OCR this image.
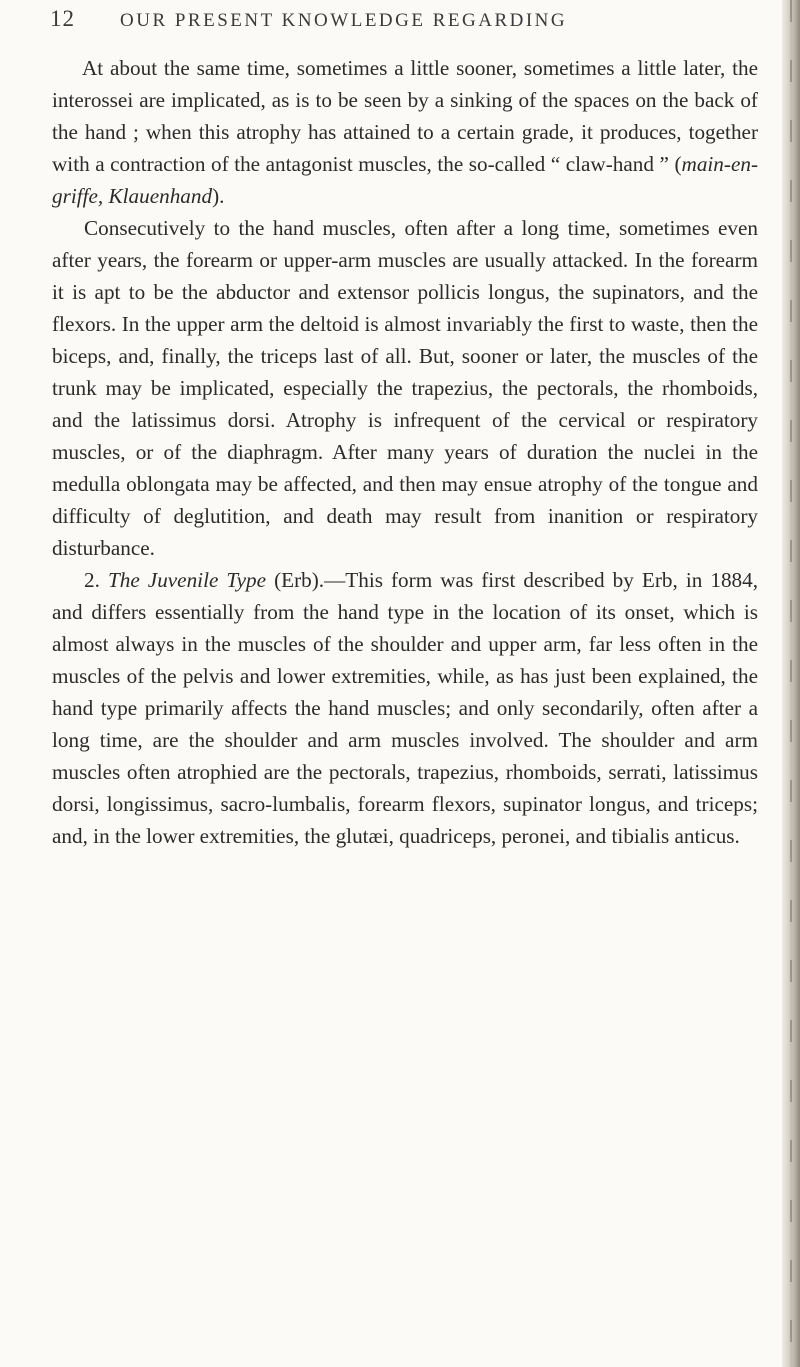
12 OUR PRESENT KNOWLEDGE REGARDING

At about the same time, sometimes a little sooner, sometimes a little later, the interossei are implicated, as is to be seen by a sinking of the spaces on the back of the hand ; when this atrophy has attained to a certain grade, it produces, together with a contraction of the antagonist muscles, the so-called “ claw-hand ” (main-en-griffe, Klauenhand).

Consecutively to the hand muscles, often after a long time, sometimes even after years, the forearm or upper-arm muscles are usually attacked. In the forearm it is apt to be the abductor and extensor pollicis longus, the supinators, and the flexors. In the upper arm the deltoid is almost invariably the first to waste, then the biceps, and, finally, the triceps last of all. But, sooner or later, the muscles of the trunk may be implicated, especially the trapezius, the pectorals, the rhomboids, and the latissimus dorsi. Atrophy is infrequent of the cervical or respiratory muscles, or of the diaphragm. After many years of duration the nuclei in the medulla oblongata may be affected, and then may ensue atrophy of the tongue and difficulty of deglutition, and death may result from inanition or respiratory disturbance.

2. The Juvenile Type (Erb).—This form was first described by Erb, in 1884, and differs essentially from the hand type in the location of its onset, which is almost always in the muscles of the shoulder and upper arm, far less often in the muscles of the pelvis and lower extremities, while, as has just been explained, the hand type primarily affects the hand muscles; and only secondarily, often after a long time, are the shoulder and arm muscles involved. The shoulder and arm muscles often atrophied are the pectorals, trapezius, rhomboids, serrati, latissimus dorsi, longissimus, sacro-lumbalis, forearm flexors, supinator longus, and triceps; and, in the lower extremities, the glutæi, quadriceps, peronei, and tibialis anticus.
